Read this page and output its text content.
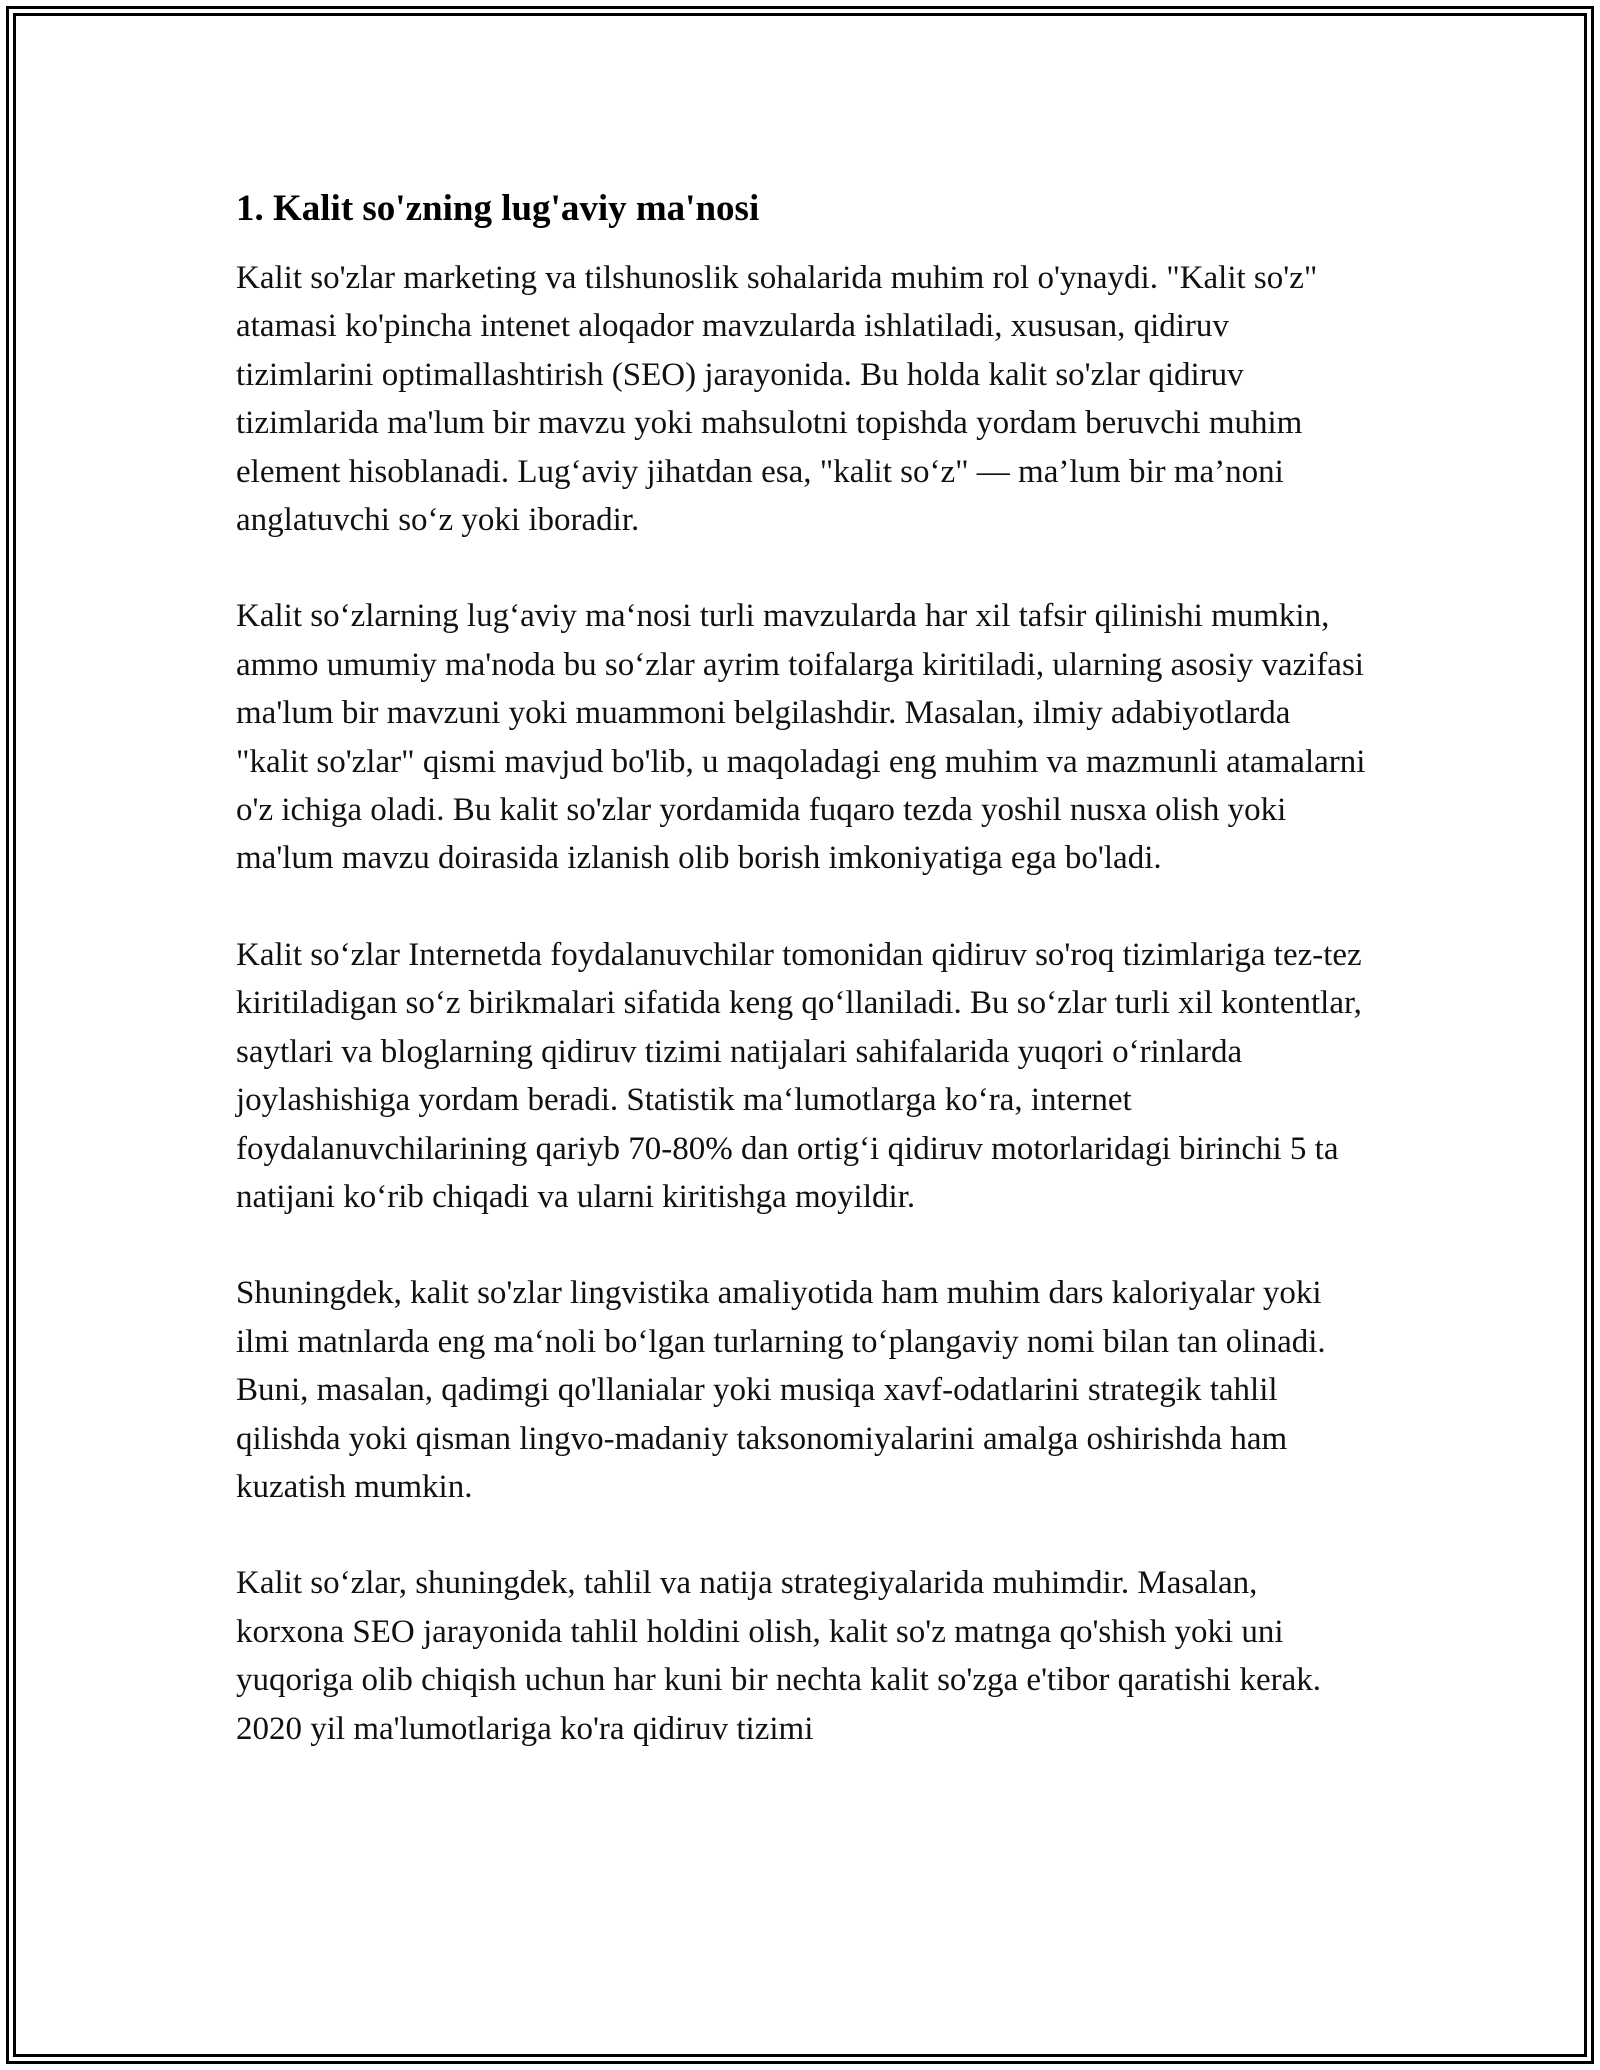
1. Kalit so'zning lug'aviy ma'nosi

Kalit so'zlar marketing va tilshunoslik sohalarida muhim rol o'ynaydi. "Kalit so'z" atamasi ko'pincha intenet aloqador mavzularda ishlatiladi, xususan, qidiruv tizimlarini optimallashtirish (SEO) jarayonida. Bu holda kalit so'zlar qidiruv tizimlarida ma'lum bir mavzu yoki mahsulotni topishda yordam beruvchi muhim element hisoblanadi. Lug‘aviy jihatdan esa, "kalit so‘z" — ma’lum bir ma’noni anglatuvchi so‘z yoki iboradir.

Kalit so‘zlarning lug‘aviy ma‘nosi turli mavzularda har xil tafsir qilinishi mumkin, ammo umumiy ma'noda bu so‘zlar ayrim toifalarga kiritiladi, ularning asosiy vazifasi ma'lum bir mavzuni yoki muammoni belgilashdir. Masalan, ilmiy adabiyotlarda "kalit so'zlar" qismi mavjud bo'lib, u maqoladagi eng muhim va mazmunli atamalarni o'z ichiga oladi. Bu kalit so'zlar yordamida fuqaro tezda yoshil nusxa olish yoki ma'lum mavzu doirasida izlanish olib borish imkoniyatiga ega bo'ladi.

Kalit so‘zlar Internetda foydalanuvchilar tomonidan qidiruv so'roq tizimlariga tez-tez kiritiladigan so‘z birikmalari sifatida keng qo‘llaniladi. Bu so‘zlar turli xil kontentlar, saytlari va bloglarning qidiruv tizimi natijalari sahifalarida yuqori o‘rinlarda joylashishiga yordam beradi. Statistik ma‘lumotlarga ko‘ra, internet foydalanuvchilarining qariyb 70-80% dan ortig‘i qidiruv motorlaridagi birinchi 5 ta natijani ko‘rib chiqadi va ularni kiritishga moyildir.

Shuningdek, kalit so'zlar lingvistika amaliyotida ham muhim dars kaloriyalar yoki ilmi matnlarda eng ma‘noli bo‘lgan turlarning to‘plangaviy nomi bilan tan olinadi. Buni, masalan, qadimgi qo'llanialar yoki musiqa xavf-odatlarini strategik tahlil qilishda yoki qisman lingvo-madaniy taksonomiyalarini amalga oshirishda ham kuzatish mumkin.

Kalit so‘zlar, shuningdek, tahlil va natija strategiyalarida muhimdir. Masalan, korxona SEO jarayonida tahlil holdini olish, kalit so'z matnga qo'shish yoki uni yuqoriga olib chiqish uchun har kuni bir nechta kalit so'zga e'tibor qaratishi kerak. 2020 yil ma'lumotlariga ko'ra qidiruv tizimi
